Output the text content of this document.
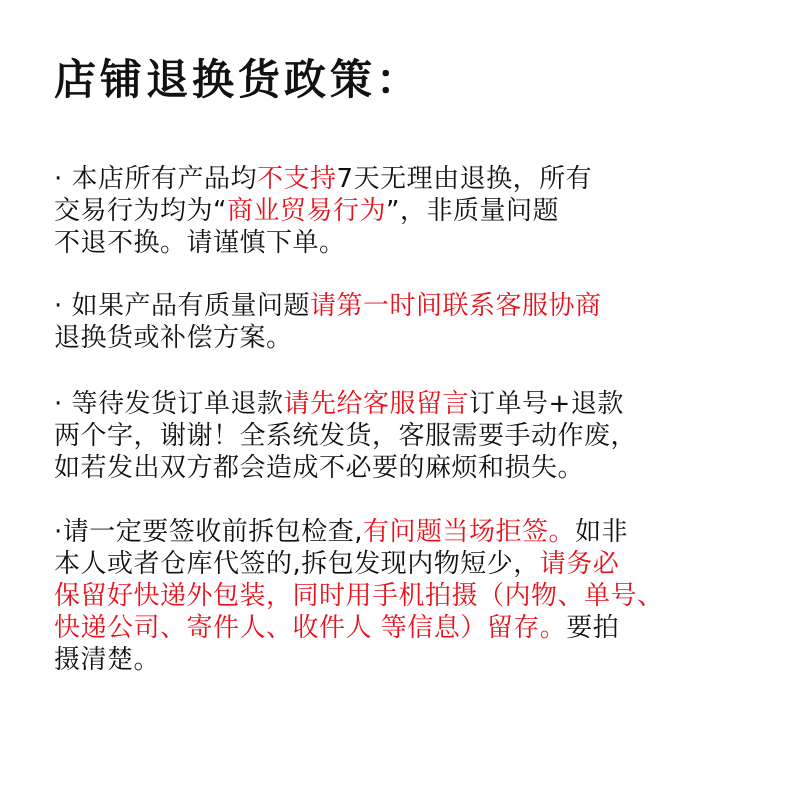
店铺退换货政策：
· 本店所有产品均不支持7天无理由退换，所有
交易行为均为“商业贸易行为”，非质量问题
不退不换。请谨慎下单。
· 如果产品有质量问题请第一时间联系客服协商
退换货或补偿方案。
· 等待发货订单退款请先给客服留言订单号+退款
两个字，谢谢！全系统发货，客服需要手动作废，
如若发出双方都会造成不必要的麻烦和损失。
·请一定要签收前拆包检查,有问题当场拒签。如非
本人或者仓库代签的,拆包发现内物短少，请务必
保留好快递外包装，同时用手机拍摄（内物、单号、
快递公司、寄件人、收件人 等信息）留存。要拍
摄清楚。
